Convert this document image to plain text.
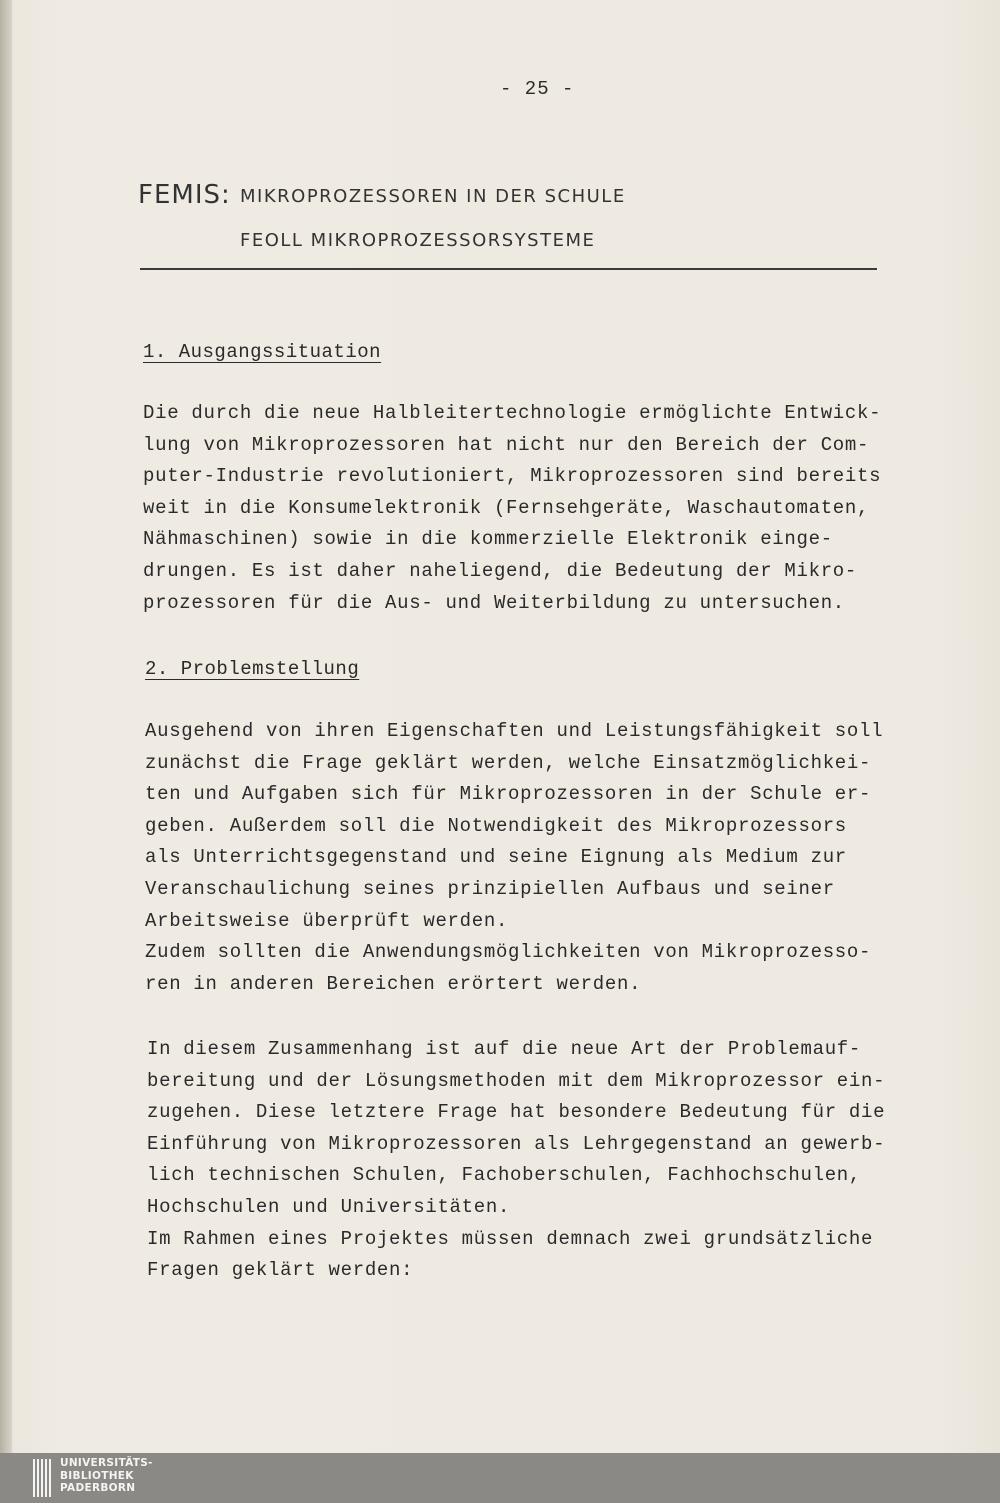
- 25 -
FEMIS: MIKROPROZESSOREN IN DER SCHULE
FEOLL MIKROPROZESSORSYSTEME
1. Ausgangssituation
Die durch die neue Halbleitertechnologie ermöglichte Entwick-
lung von Mikroprozessoren hat nicht nur den Bereich der Com-
puter-Industrie revolutioniert, Mikroprozessoren sind bereits
weit in die Konsumelektronik (Fernsehgeräte, Waschautomaten,
Nähmaschinen) sowie in die kommerzielle Elektronik einge-
drungen. Es ist daher naheliegend, die Bedeutung der Mikro-
prozessoren für die Aus- und Weiterbildung zu untersuchen.
2. Problemstellung
Ausgehend von ihren Eigenschaften und Leistungsfähigkeit soll
zunächst die Frage geklärt werden, welche Einsatzmöglichkei-
ten und Aufgaben sich für Mikroprozessoren in der Schule er-
geben. Außerdem soll die Notwendigkeit des Mikroprozessors
als Unterrichtsgegenstand und seine Eignung als Medium zur
Veranschaulichung seines prinzipiellen Aufbaus und seiner
Arbeitsweise überprüft werden.
Zudem sollten die Anwendungsmöglichkeiten von Mikroprozesso-
ren in anderen Bereichen erörtert werden.
In diesem Zusammenhang ist auf die neue Art der Problemauf-
bereitung und der Lösungsmethoden mit dem Mikroprozessor ein-
zugehen. Diese letztere Frage hat besondere Bedeutung für die
Einführung von Mikroprozessoren als Lehrgegenstand an gewerb-
lich technischen Schulen, Fachoberschulen, Fachhochschulen,
Hochschulen und Universitäten.
Im Rahmen eines Projektes müssen demnach zwei grundsätzliche
Fragen geklärt werden:
UNIVERSITÄTS-
BIBLIOTHEK
PADERBORN
